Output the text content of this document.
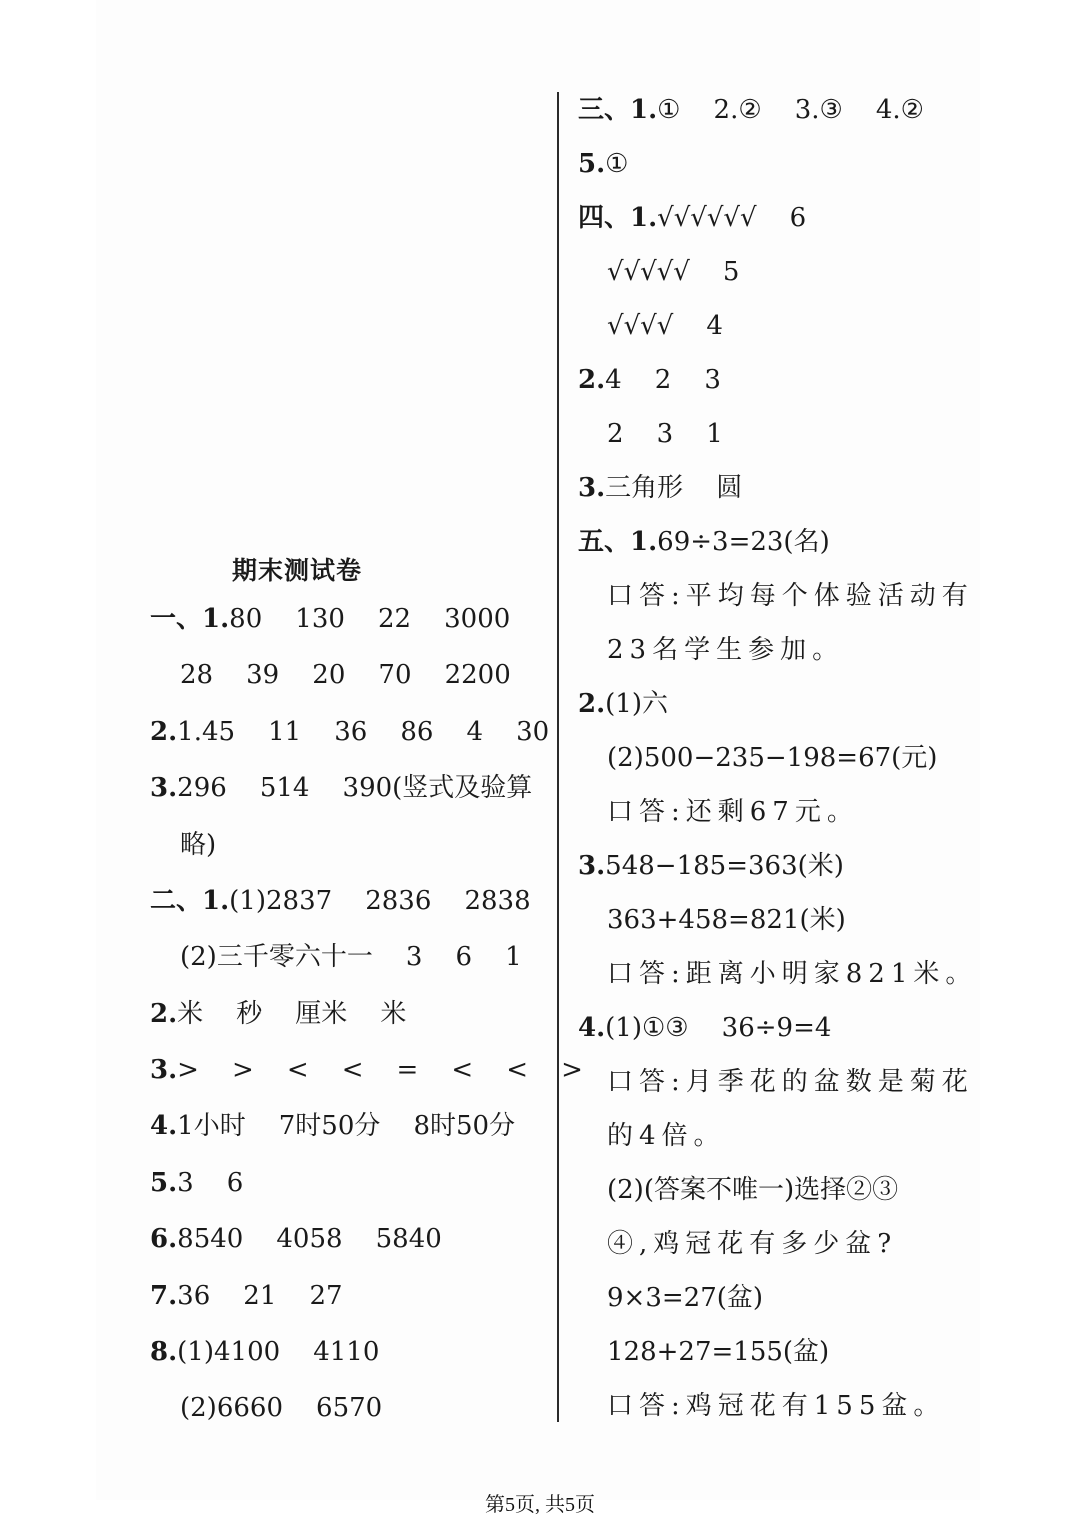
期末测试卷
一、1.80    130    22    3000
28    39    20    70    2200
2.1.45    11    36    86    4    30
3.296    514    390(竖式及验算
略)
二、1.(1)2837    2836    2838
(2)三千零六十一    3    6    1
2.米    秒    厘米    米
3.>    >    <    <    =    <    <    >
4.1小时    7时50分    8时50分
5.3    6
6.8540    4058    5840
7.36    21    27
8.(1)4100    4110
(2)6660    6570
三、1.①    2.②    3.③    4.②
5.①
四、1.√√√√√√    6
√√√√√    5
√√√√    4
2.4    2    3
2    3    1
3.三角形    圆
五、1.69÷3=23(名)
口答:平均每个体验活动有
23名学生参加。
2.(1)六
(2)500−235−198=67(元)
口答:还剩67元。
3.548−185=363(米)
363+458=821(米)
口答:距离小明家821米。
4.(1)①③    36÷9=4
口答:月季花的盆数是菊花
的4倍。
(2)(答案不唯一)选择②③
④,鸡冠花有多少盆?
9×3=27(盆)
128+27=155(盆)
口答:鸡冠花有155盆。
第5页, 共5页
